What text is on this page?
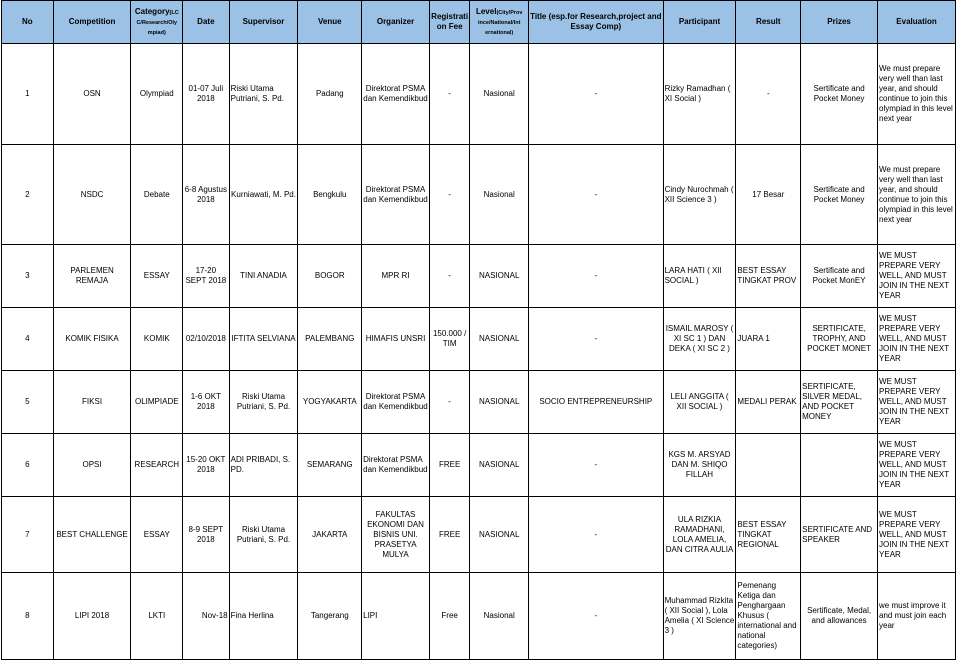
No	Competition	Category(LC C/Research/Oly mpiad)	Date	Supervisor	Venue	Organizer	Registrati on Fee	Level(City/Prov ince/National/Int ernational)	Title (esp.for Research,project and Essay Comp)	Participant	Result	Prizes	Evaluation
1	OSN	Olympiad	01-07 Juli 2018	Riski Utama Putriani, S. Pd.	Padang	Direktorat PSMA dan Kemendikbud	-	Nasional	-	Rizky Ramadhan ( XI Social )	-	Sertificate and Pocket Money	We must prepare very well than last year, and should continue to join this olympiad in this level next year
2	NSDC	Debate	6-8 Agustus 2018	Kurniawati, M. Pd.	Bengkulu	Direktorat PSMA dan Kemendikbud	-	Nasional	-	Cindy Nurochmah ( XII Science 3 )	17 Besar	Sertificate and Pocket Money	We must prepare very well than last year, and should continue to join this olympiad in this level next year
3	PARLEMEN REMAJA	ESSAY	17-20 SEPT 2018	TINI ANADIA	BOGOR	MPR RI	-	NASIONAL	-	LARA HATI ( XII SOCIAL )	BEST ESSAY TINGKAT PROV	Sertificate and Pocket MonEY	WE MUST PREPARE VERY WELL, AND MUST JOIN IN THE NEXT YEAR
4	KOMIK FISIKA	KOMIK	02/10/2018	IFTITA SELVIANA	PALEMBANG	HIMAFIS UNSRI	150.000 / TIM	NASIONAL	-	ISMAIL MAROSY ( XI SC 1 ) DAN DEKA ( XI SC 2 )	JUARA 1	SERTIFICATE, TROPHY, AND POCKET MONET	WE MUST PREPARE VERY WELL, AND MUST JOIN IN THE NEXT YEAR
5	FIKSI	OLIMPIADE	1-6 OKT 2018	Riski Utama Putriani, S. Pd.	YOGYAKARTA	Direktorat PSMA dan Kemendikbud	-	NASIONAL	SOCIO ENTREPRENEURSHIP	LELI ANGGITA ( XII SOCIAL )	MEDALI PERAK	SERTIFICATE, SILVER MEDAL, AND POCKET MONEY	WE MUST PREPARE VERY WELL, AND MUST JOIN IN THE NEXT YEAR
6	OPSI	RESEARCH	15-20 OKT 2018	ADI PRIBADI, S. PD.	SEMARANG	Direktorat PSMA dan Kemendikbud	FREE	NASIONAL	-	KGS M. ARSYAD DAN M. SHIQO FILLAH			WE MUST PREPARE VERY WELL, AND MUST JOIN IN THE NEXT YEAR
7	BEST CHALLENGE	ESSAY	8-9 SEPT 2018	Riski Utama Putriani, S. Pd.	JAKARTA	FAKULTAS EKONOMI DAN BISNIS UNI. PRASETYA MULYA	FREE	NASIONAL	-	ULA RIZKIA RAMADHANI, LOLA AMELIA, DAN CITRA AULIA	BEST ESSAY TINGKAT REGIONAL	SERTIFICATE AND SPEAKER	WE MUST PREPARE VERY WELL, AND MUST JOIN IN THE NEXT YEAR
8	LIPI 2018	LKTI	Nov-18	Fina Herlina	Tangerang	LIPI	Free	Nasional	-	Muhammad Rizkita ( XII Social ), Lola Amelia ( XI Science 3 )	Pemenang Ketiga dan Penghargaan Khusus ( international and national categories)	Sertificate, Medal, and allowances	we must improve it and must join each year
